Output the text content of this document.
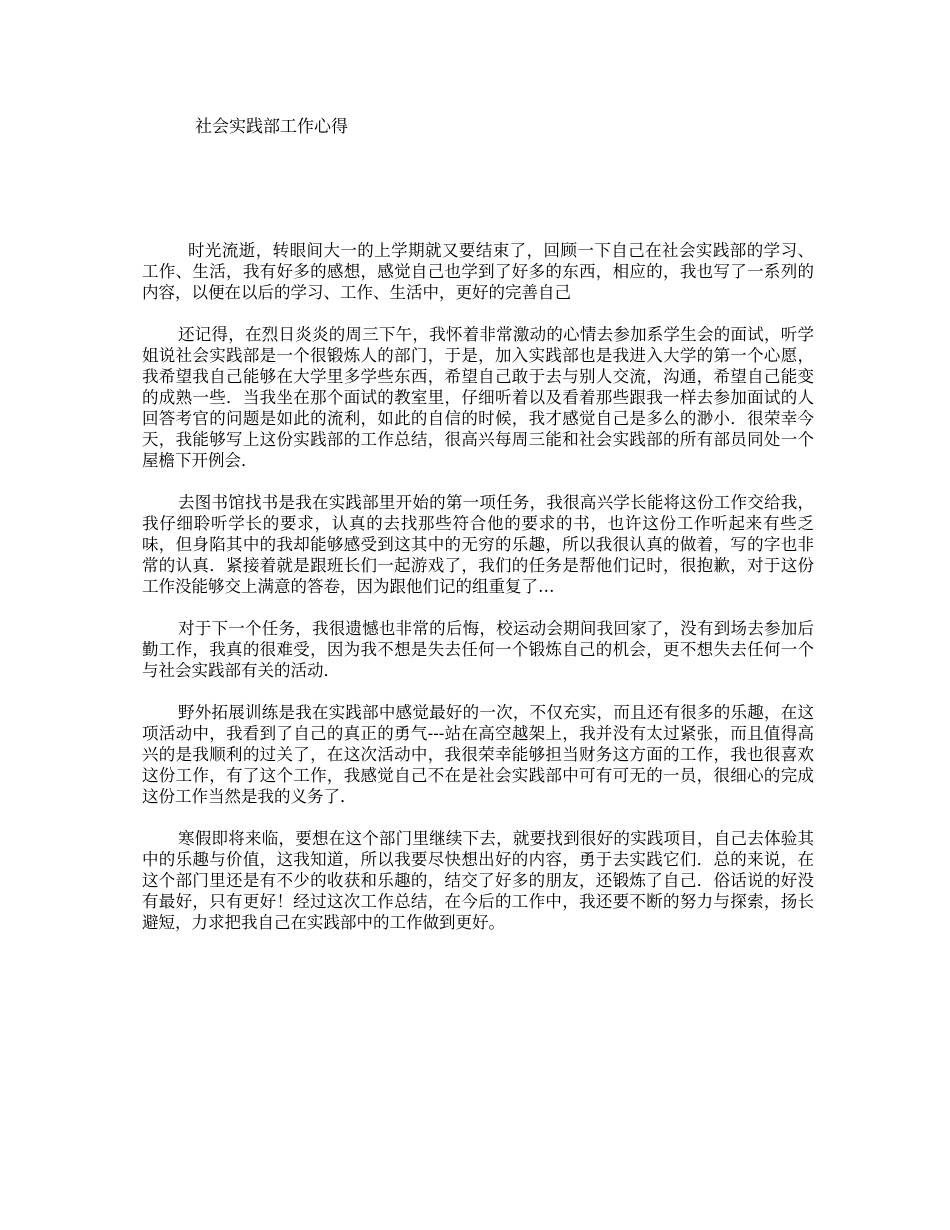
社会实践部工作心得

时光流逝，转眼间大一的上学期就又要结束了，回顾一下自己在社会实践部的学习、工作、生活，我有好多的感想，感觉自己也学到了好多的东西，相应的，我也写了一系列的内容，以便在以后的学习、工作、生活中，更好的完善自己

还记得，在烈日炎炎的周三下午，我怀着非常激动的心情去参加系学生会的面试，听学姐说社会实践部是一个很锻炼人的部门，于是，加入实践部也是我进入大学的第一个心愿，我希望我自己能够在大学里多学些东西，希望自己敢于去与别人交流，沟通，希望自己能变的成熟一些．当我坐在那个面试的教室里，仔细听着以及看着那些跟我一样去参加面试的人回答考官的问题是如此的流利，如此的自信的时候，我才感觉自己是多么的渺小．很荣幸今天，我能够写上这份实践部的工作总结，很高兴每周三能和社会实践部的所有部员同处一个屋檐下开例会．

去图书馆找书是我在实践部里开始的第一项任务，我很高兴学长能将这份工作交给我，我仔细聆听学长的要求，认真的去找那些符合他的要求的书，也许这份工作听起来有些乏味，但身陷其中的我却能够感受到这其中的无穷的乐趣，所以我很认真的做着，写的字也非常的认真．紧接着就是跟班长们一起游戏了，我们的任务是帮他们记时，很抱歉，对于这份工作没能够交上满意的答卷，因为跟他们记的组重复了…

对于下一个任务，我很遗憾也非常的后悔，校运动会期间我回家了，没有到场去参加后勤工作，我真的很难受，因为我不想是失去任何一个锻炼自己的机会，更不想失去任何一个与社会实践部有关的活动．

野外拓展训练是我在实践部中感觉最好的一次，不仅充实，而且还有很多的乐趣，在这项活动中，我看到了自己的真正的勇气---站在高空越架上，我并没有太过紧张，而且值得高兴的是我顺利的过关了，在这次活动中，我很荣幸能够担当财务这方面的工作，我也很喜欢这份工作，有了这个工作，我感觉自己不在是社会实践部中可有可无的一员，很细心的完成这份工作当然是我的义务了．

寒假即将来临，要想在这个部门里继续下去，就要找到很好的实践项目，自己去体验其中的乐趣与价值，这我知道，所以我要尽快想出好的内容，勇于去实践它们．总的来说，在这个部门里还是有不少的收获和乐趣的，结交了好多的朋友，还锻炼了自己．俗话说的好没有最好，只有更好！经过这次工作总结，在今后的工作中，我还要不断的努力与探索，扬长避短，力求把我自己在实践部中的工作做到更好。
